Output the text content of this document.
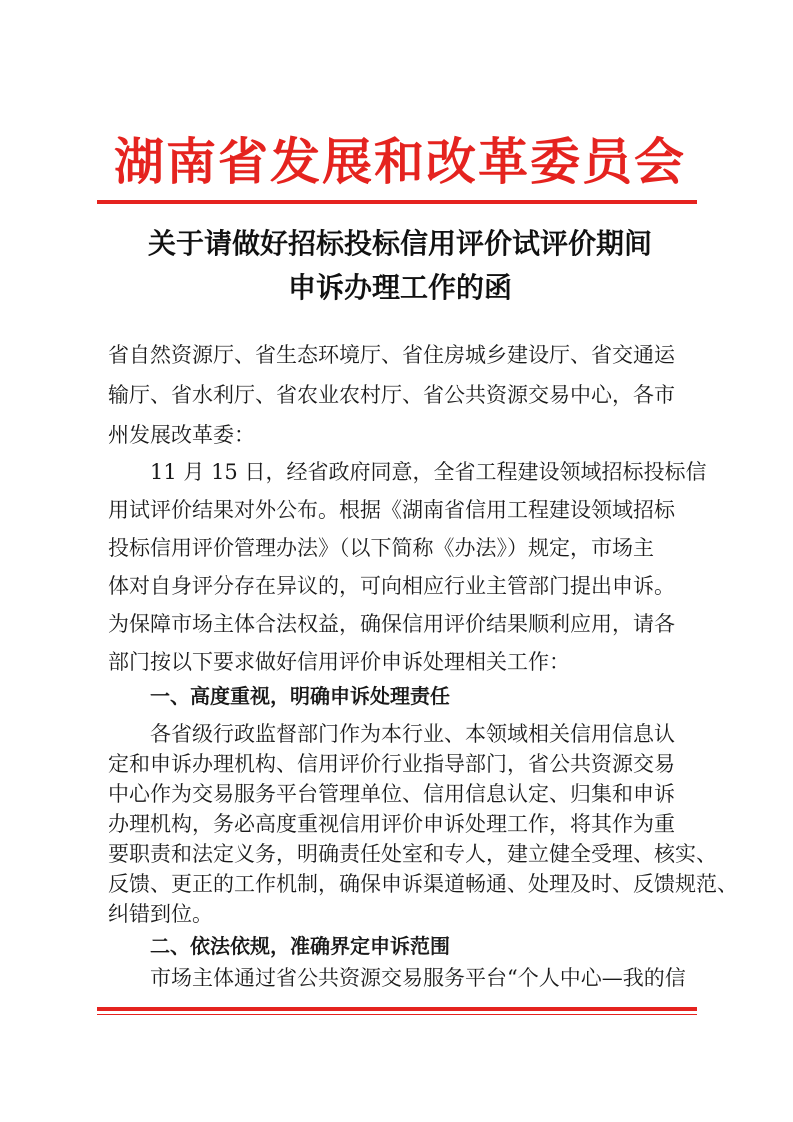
湖南省发展和改革委员会
关于请做好招标投标信用评价试评价期间
申诉办理工作的函
省自然资源厅、省生态环境厅、省住房城乡建设厅、省交通运
输厅、省水利厅、省农业农村厅、省公共资源交易中心，各市
州发展改革委：
11 月 15 日，经省政府同意，全省工程建设领域招标投标信
用试评价结果对外公布。根据《湖南省信用工程建设领域招标
投标信用评价管理办法》（以下简称《办法》）规定，市场主
体对自身评分存在异议的，可向相应行业主管部门提出申诉。
为保障市场主体合法权益，确保信用评价结果顺利应用，请各
部门按以下要求做好信用评价申诉处理相关工作：
一、高度重视，明确申诉处理责任
各省级行政监督部门作为本行业、本领域相关信用信息认
定和申诉办理机构、信用评价行业指导部门，省公共资源交易
中心作为交易服务平台管理单位、信用信息认定、归集和申诉
办理机构，务必高度重视信用评价申诉处理工作，将其作为重
要职责和法定义务，明确责任处室和专人，建立健全受理、核实、
反馈、更正的工作机制，确保申诉渠道畅通、处理及时、反馈规范、
纠错到位。
二、依法依规，准确界定申诉范围
市场主体通过省公共资源交易服务平台“个人中心—我的信
